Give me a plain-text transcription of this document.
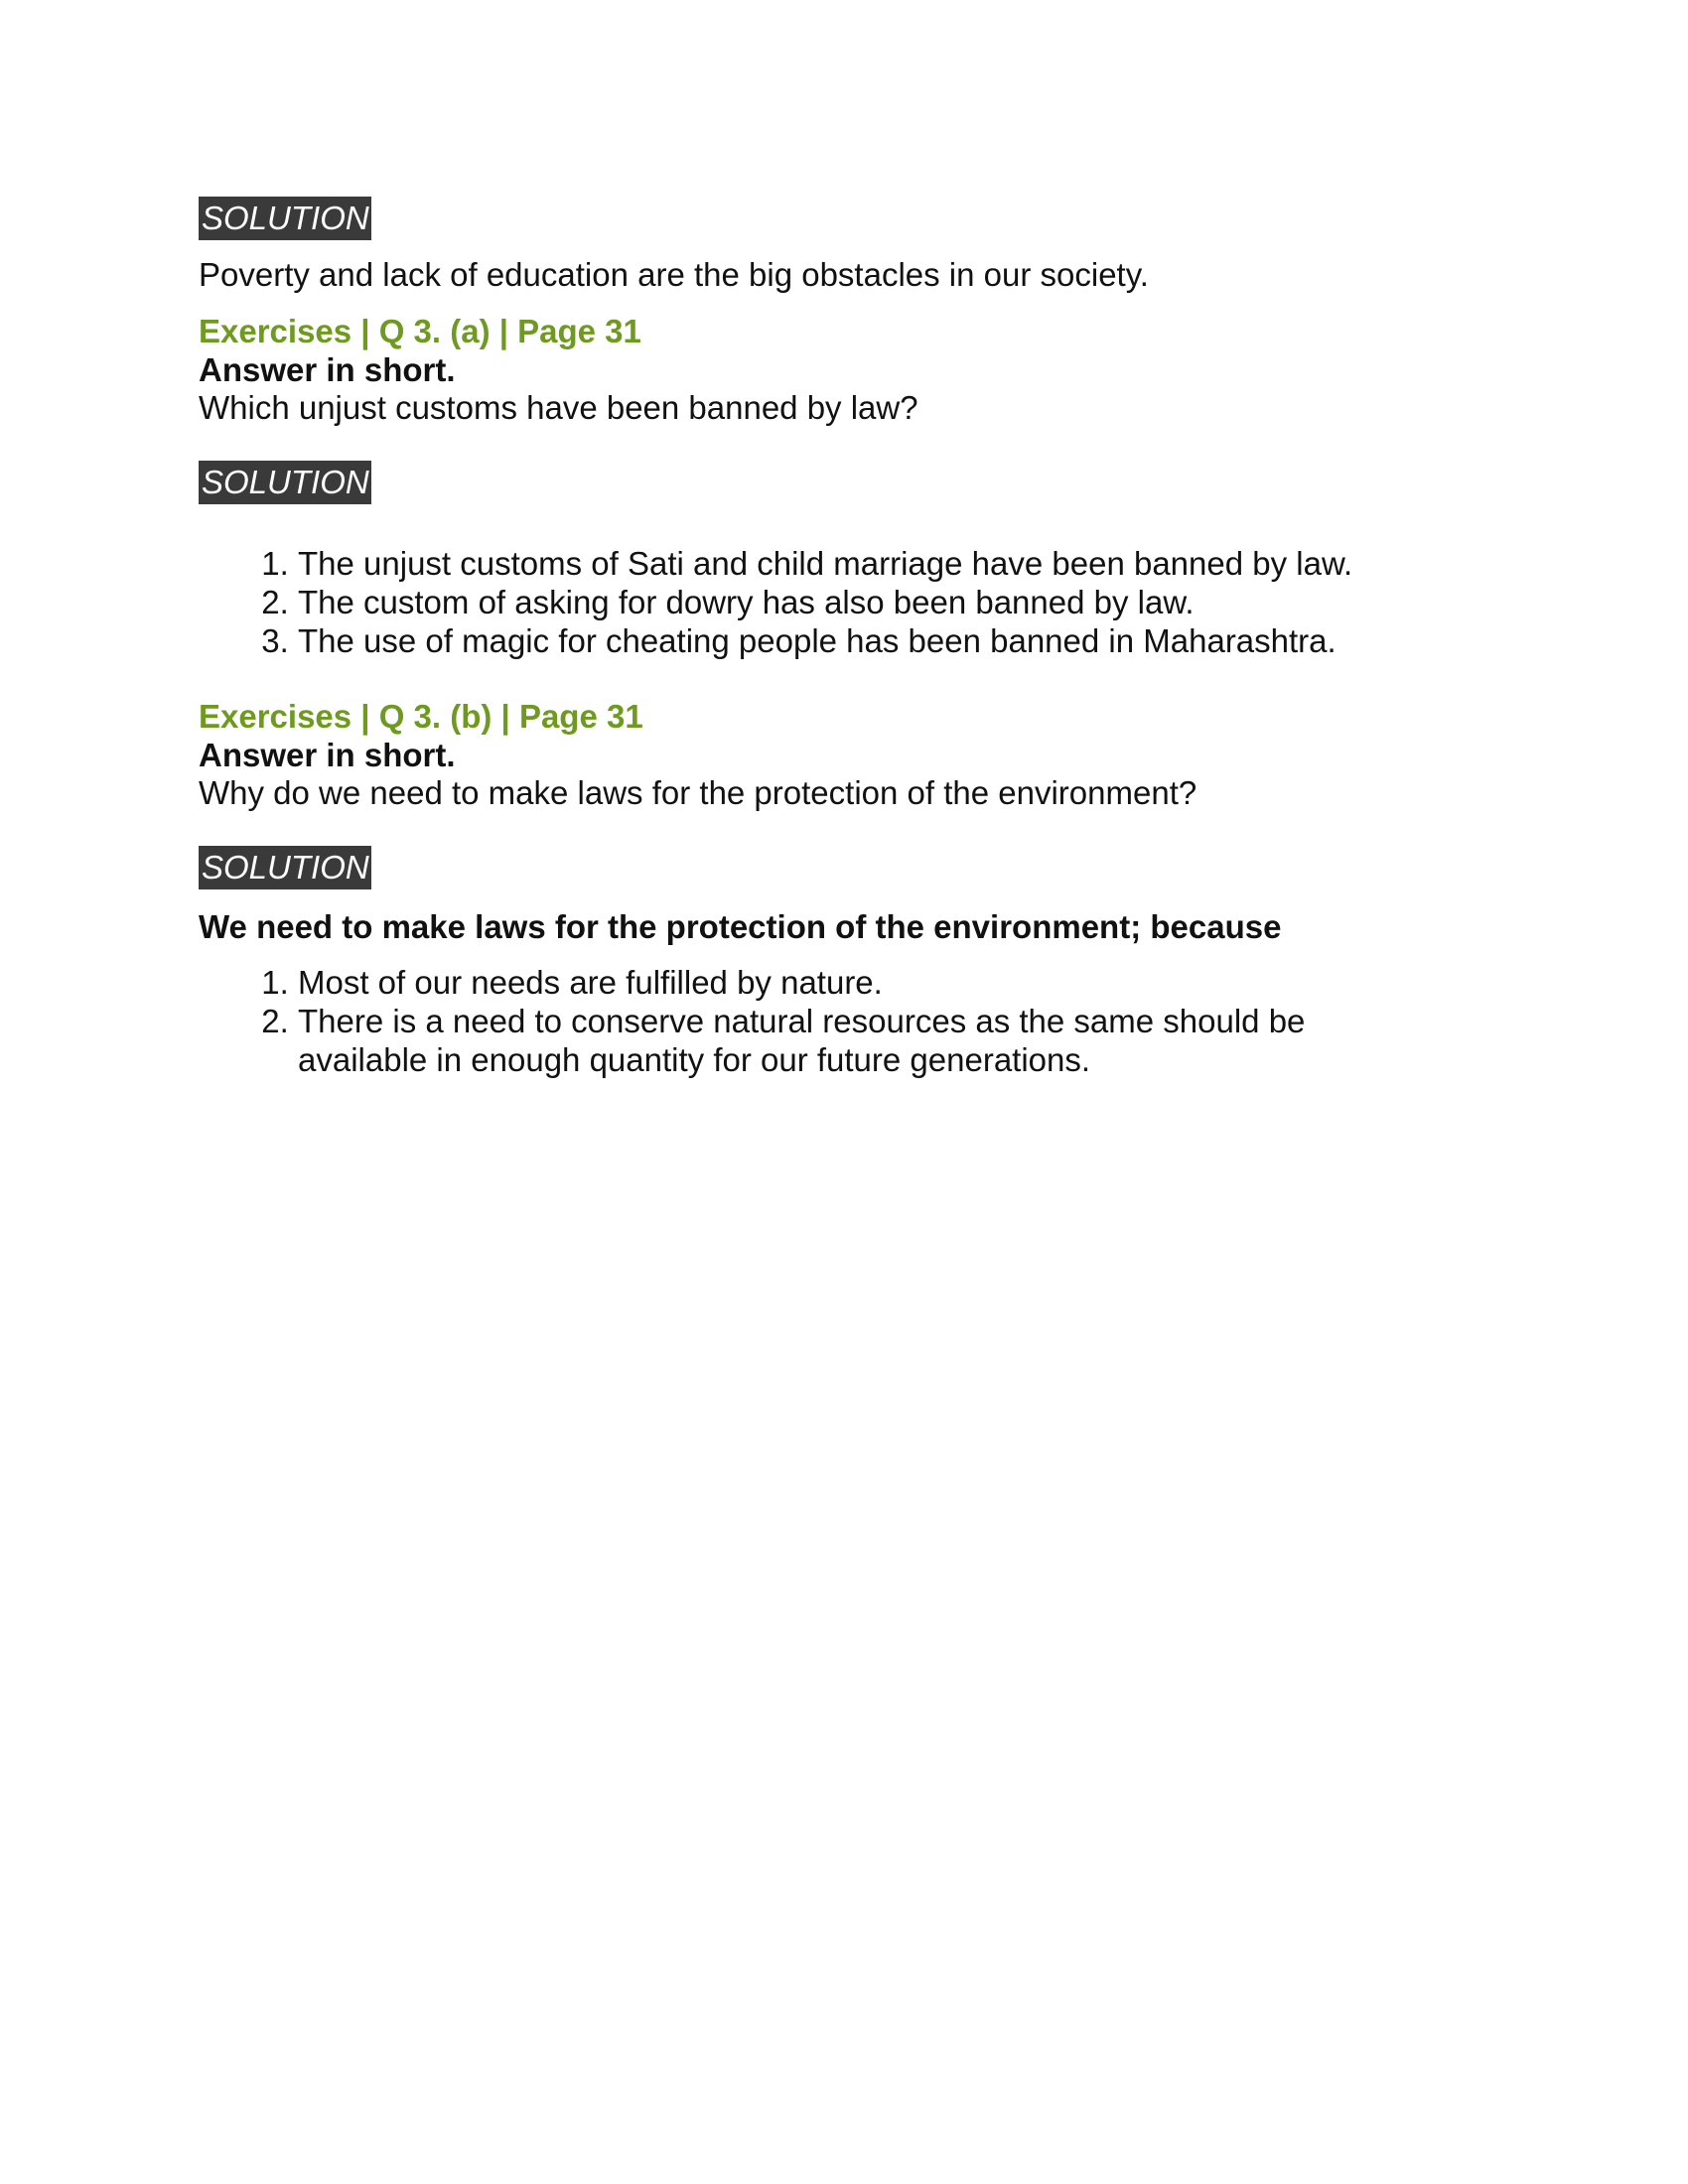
SOLUTION

Poverty and lack of education are the big obstacles in our society.

Exercises | Q 3. (a) | Page 31

Answer in short.

Which unjust customs have been banned by law?

SOLUTION
1. The unjust customs of Sati and child marriage have been banned by law.
2. The custom of asking for dowry has also been banned by law.
3. The use of magic for cheating people has been banned in Maharashtra.

Exercises | Q 3. (b) | Page 31

Answer in short.

Why do we need to make laws for the protection of the environment?

SOLUTION

We need to make laws for the protection of the environment; because

1. Most of our needs are fulfilled by nature.
2. There is a need to conserve natural resources as the same should be available in enough quantity for our future generations.
